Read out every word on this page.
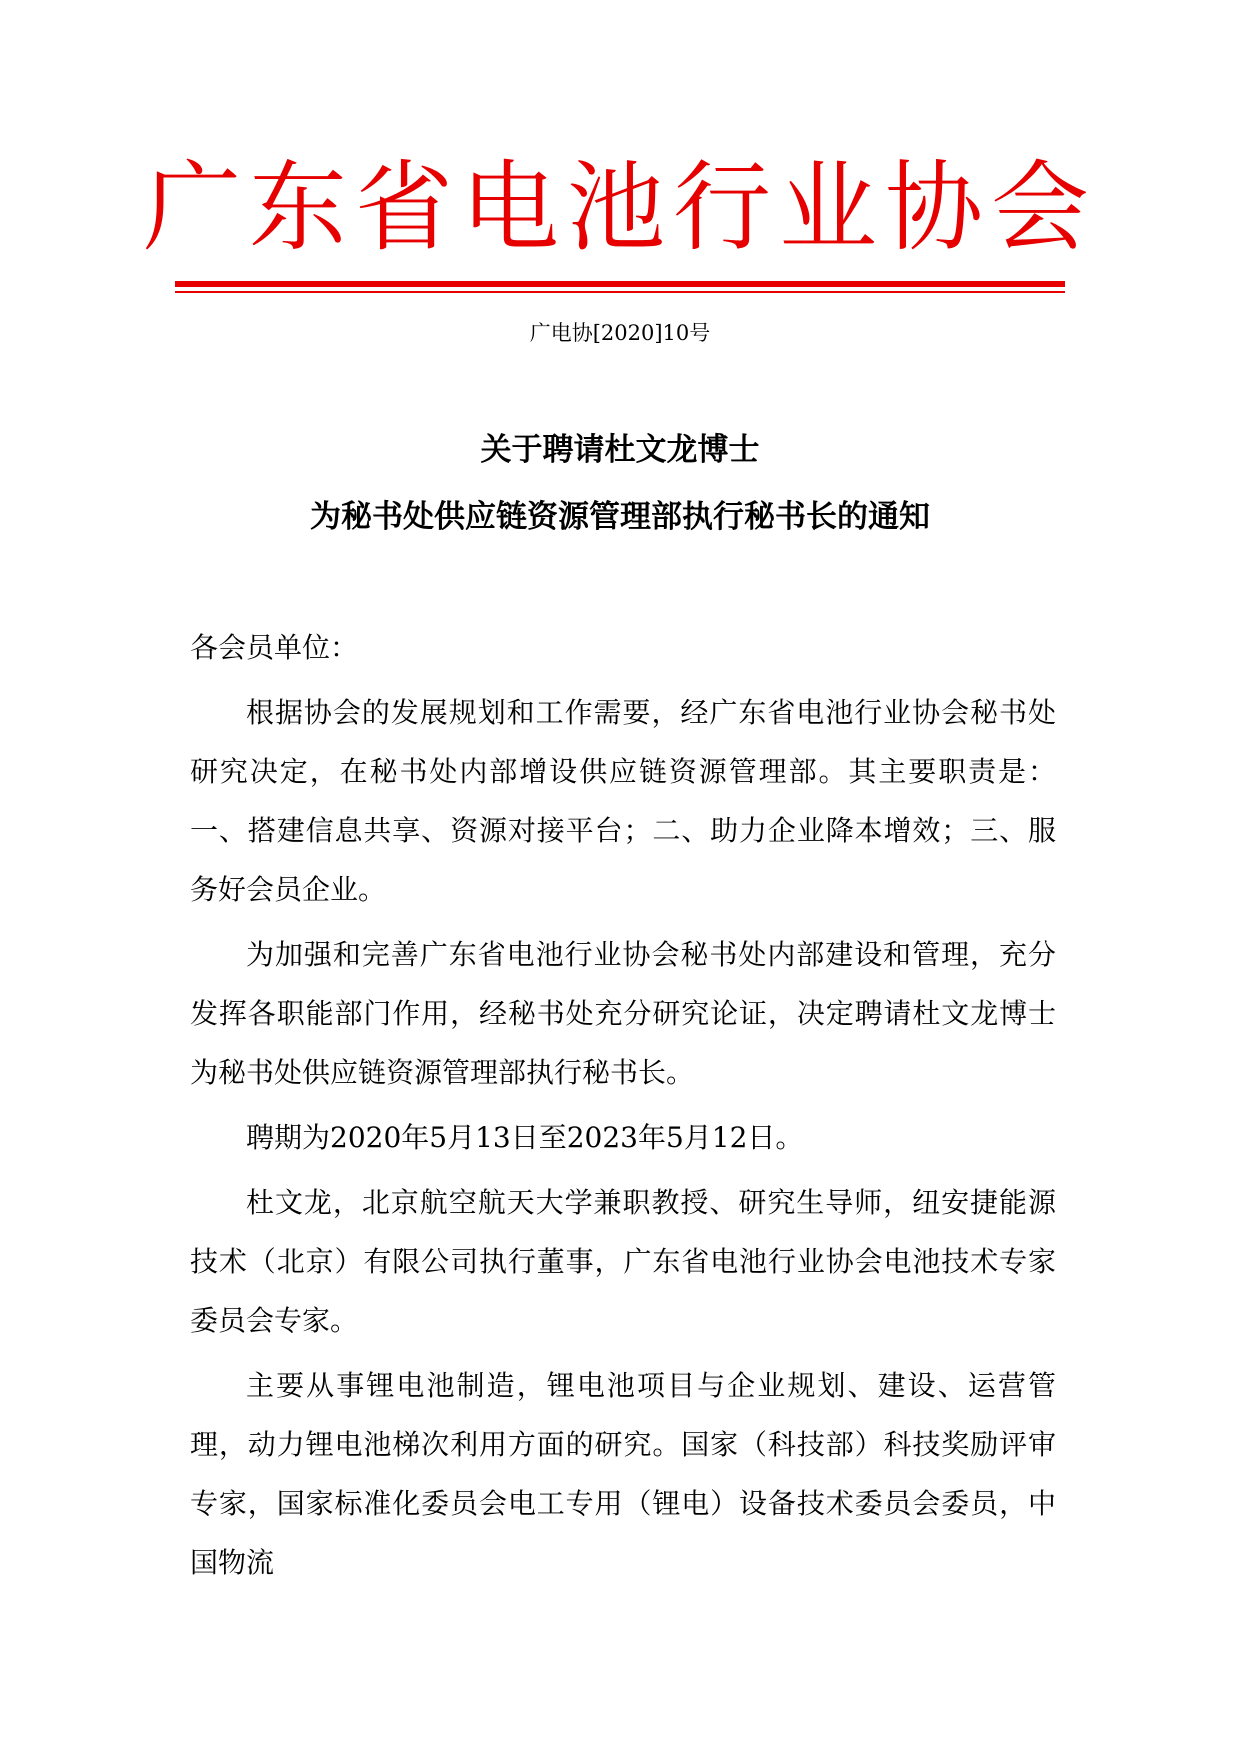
广东省电池行业协会
广电协[2020]10号
关于聘请杜文龙博士
为秘书处供应链资源管理部执行秘书长的通知
各会员单位：

根据协会的发展规划和工作需要，经广东省电池行业协会秘书处研究决定，在秘书处内部增设供应链资源管理部。其主要职责是：一、搭建信息共享、资源对接平台；二、助力企业降本增效；三、服务好会员企业。

为加强和完善广东省电池行业协会秘书处内部建设和管理，充分发挥各职能部门作用，经秘书处充分研究论证，决定聘请杜文龙博士为秘书处供应链资源管理部执行秘书长。

聘期为2020年5月13日至2023年5月12日。

杜文龙，北京航空航天大学兼职教授、研究生导师，纽安捷能源技术（北京）有限公司执行董事，广东省电池行业协会电池技术专家委员会专家。

主要从事锂电池制造，锂电池项目与企业规划、建设、运营管理，动力锂电池梯次利用方面的研究。国家（科技部）科技奖励评审专家，国家标准化委员会电工专用（锂电）设备技术委员会委员，中国物流
